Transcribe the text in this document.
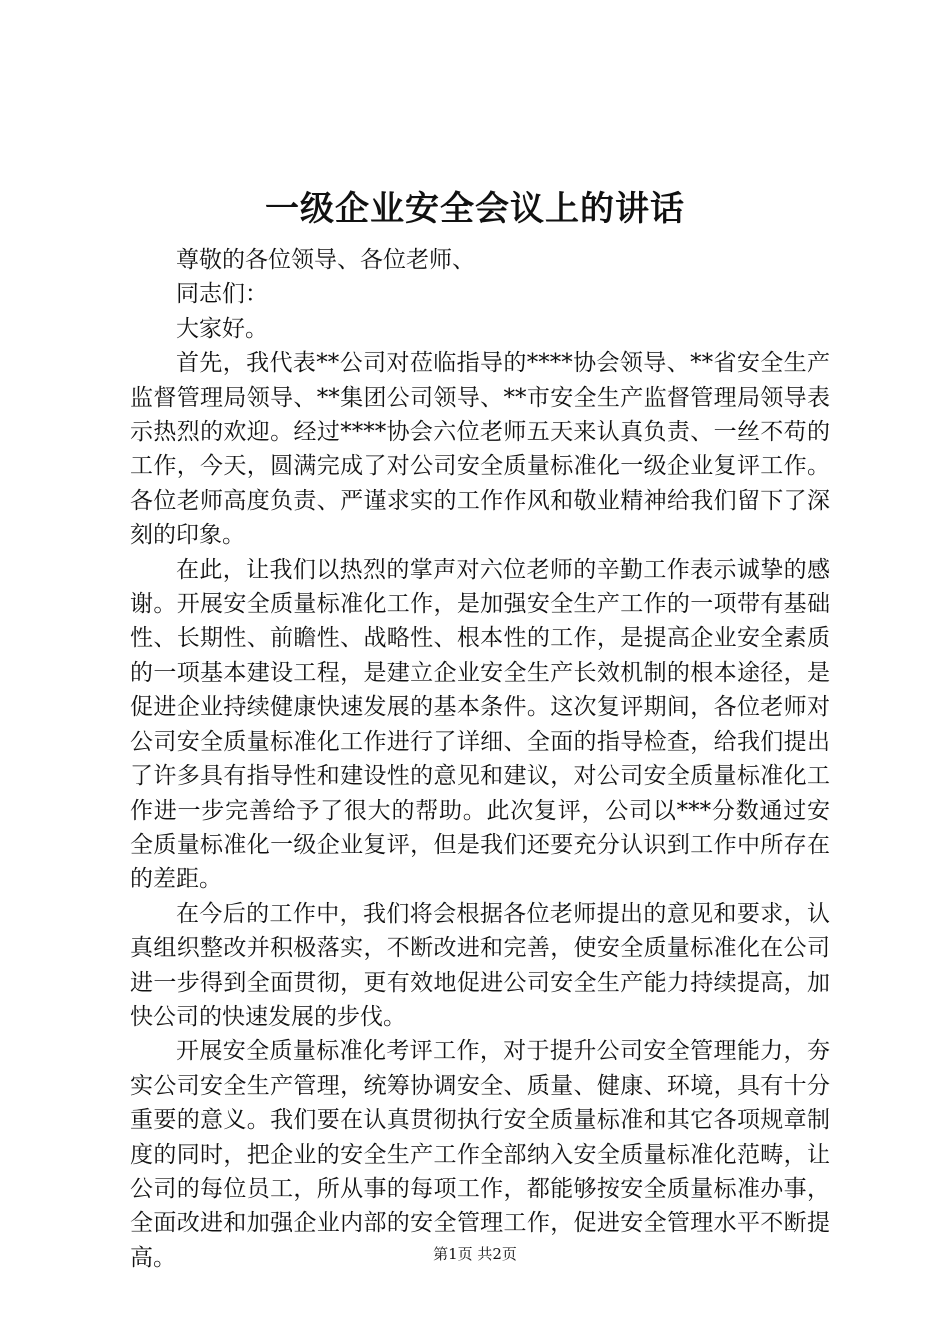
一级企业安全会议上的讲话

尊敬的各位领导、各位老师、

同志们：

大家好。

首先，我代表**公司对莅临指导的****协会领导、**省安全生产监督管理局领导、**集团公司领导、**市安全生产监督管理局领导表示热烈的欢迎。经过****协会六位老师五天来认真负责、一丝不苟的工作，今天，圆满完成了对公司安全质量标准化一级企业复评工作。各位老师高度负责、严谨求实的工作作风和敬业精神给我们留下了深刻的印象。

在此，让我们以热烈的掌声对六位老师的辛勤工作表示诚挚的感谢。开展安全质量标准化工作，是加强安全生产工作的一项带有基础性、长期性、前瞻性、战略性、根本性的工作，是提高企业安全素质的一项基本建设工程，是建立企业安全生产长效机制的根本途径，是促进企业持续健康快速发展的基本条件。这次复评期间，各位老师对公司安全质量标准化工作进行了详细、全面的指导检查，给我们提出了许多具有指导性和建设性的意见和建议，对公司安全质量标准化工作进一步完善给予了很大的帮助。此次复评，公司以***分数通过安全质量标准化一级企业复评，但是我们还要充分认识到工作中所存在的差距。

在今后的工作中，我们将会根据各位老师提出的意见和要求，认真组织整改并积极落实，不断改进和完善，使安全质量标准化在公司进一步得到全面贯彻，更有效地促进公司安全生产能力持续提高，加快公司的快速发展的步伐。

开展安全质量标准化考评工作，对于提升公司安全管理能力，夯实公司安全生产管理，统筹协调安全、质量、健康、环境，具有十分重要的意义。我们要在认真贯彻执行安全质量标准和其它各项规章制度的同时，把企业的安全生产工作全部纳入安全质量标准化范畴，让公司的每位员工，所从事的每项工作，都能够按安全质量标准办事，全面改进和加强企业内部的安全管理工作，促进安全管理水平不断提高。	第1页 共2页
